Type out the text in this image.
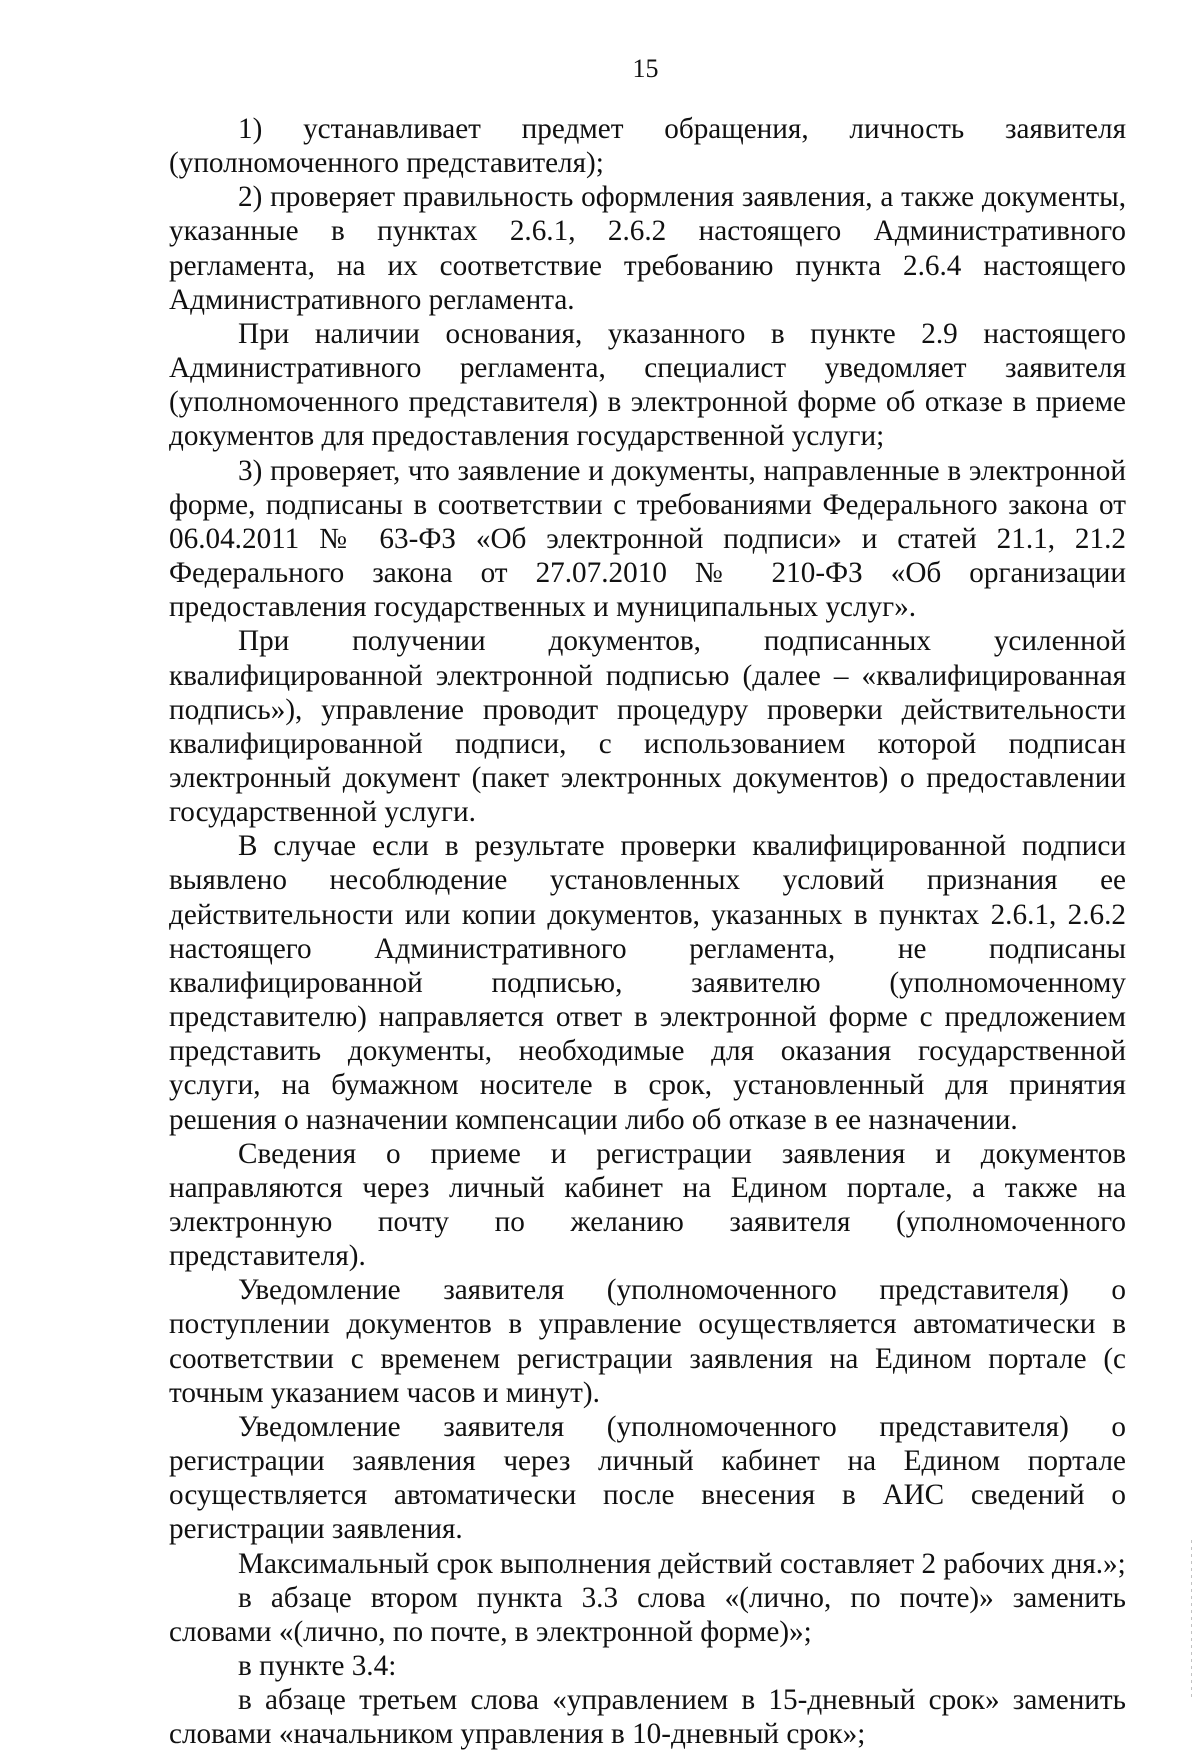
15

1) устанавливает предмет обращения, личность заявителя (уполномоченного представителя);

2) проверяет правильность оформления заявления, а также документы, указанные в пунктах 2.6.1, 2.6.2 настоящего Административного регламента, на их соответствие требованию пункта 2.6.4 настоящего Административного регламента.

При наличии основания, указанного в пункте 2.9 настоящего Административного регламента, специалист уведомляет заявителя (уполномоченного представителя) в электронной форме об отказе в приеме документов для предоставления государственной услуги;

3) проверяет, что заявление и документы, направленные в электронной форме, подписаны в соответствии с требованиями Федерального закона от 06.04.2011 № 63-ФЗ «Об электронной подписи» и статей 21.1, 21.2 Федерального закона от 27.07.2010 № 210-ФЗ «Об организации предоставления государственных и муниципальных услуг».

При получении документов, подписанных усиленной квалифицированной электронной подписью (далее – «квалифицированная подпись»), управление проводит процедуру проверки действительности квалифицированной подписи, с использованием которой подписан электронный документ (пакет электронных документов) о предоставлении государственной услуги.

В случае если в результате проверки квалифицированной подписи выявлено несоблюдение установленных условий признания ее действительности или копии документов, указанных в пунктах 2.6.1, 2.6.2 настоящего Административного регламента, не подписаны квалифицированной подписью, заявителю (уполномоченному представителю) направляется ответ в электронной форме с предложением представить документы, необходимые для оказания государственной услуги, на бумажном носителе в срок, установленный для принятия решения о назначении компенсации либо об отказе в ее назначении.

Сведения о приеме и регистрации заявления и документов направляются через личный кабинет на Едином портале, а также на электронную почту по желанию заявителя (уполномоченного представителя).

Уведомление заявителя (уполномоченного представителя) о поступлении документов в управление осуществляется автоматически в соответствии с временем регистрации заявления на Едином портале (с точным указанием часов и минут).

Уведомление заявителя (уполномоченного представителя) о регистрации заявления через личный кабинет на Едином портале осуществляется автоматически после внесения в АИС сведений о регистрации заявления.

Максимальный срок выполнения действий составляет 2 рабочих дня.»;

в абзаце втором пункта 3.3 слова «(лично, по почте)» заменить словами «(лично, по почте, в электронной форме)»;

в пункте 3.4:

в абзаце третьем слова «управлением в 15-дневный срок» заменить словами «начальником управления в 10-дневный срок»;
